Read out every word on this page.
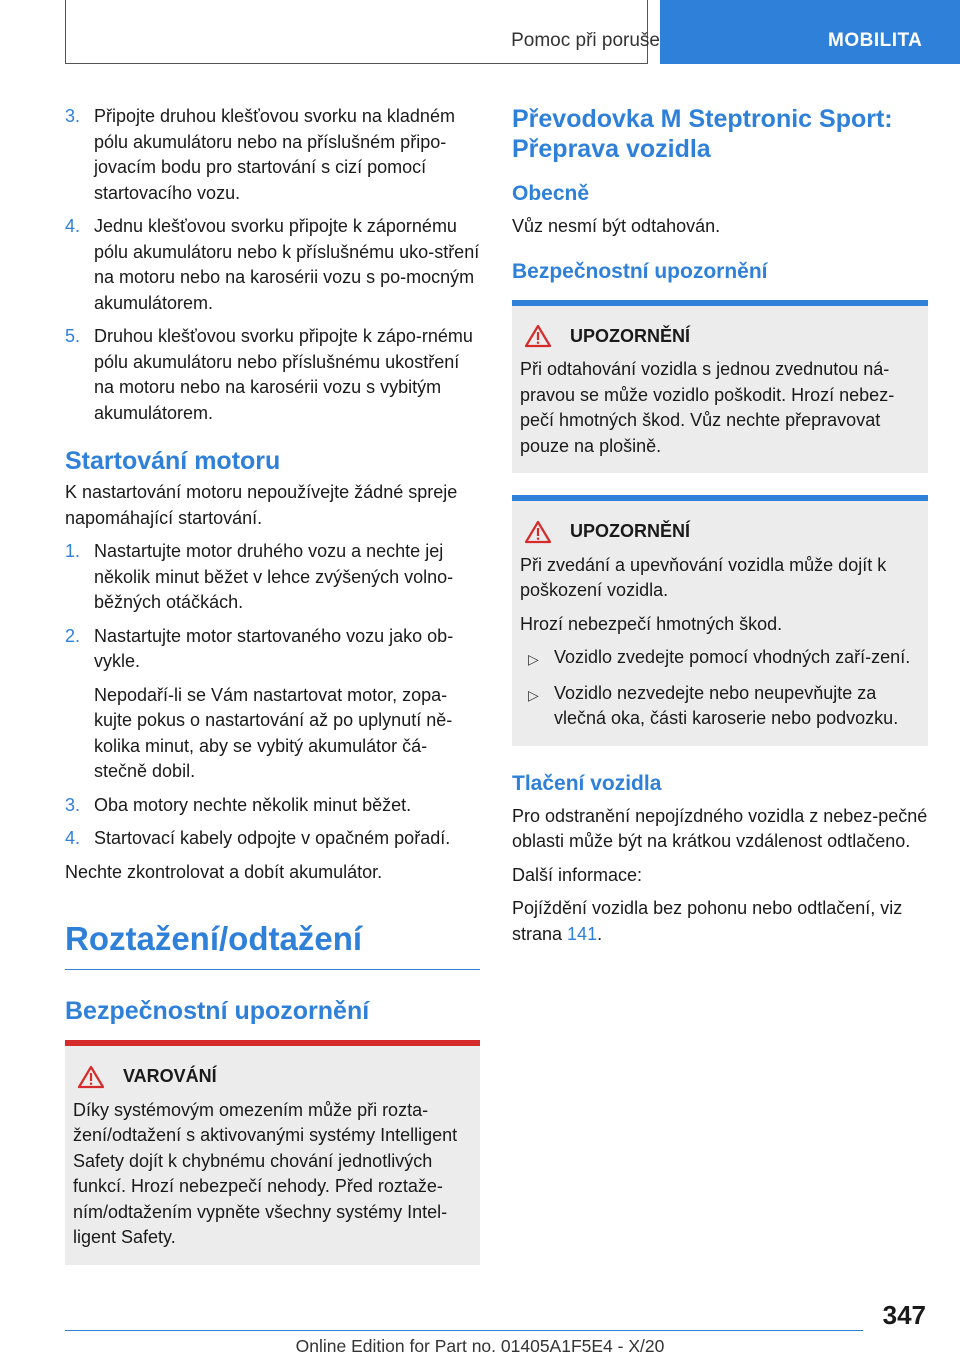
Pomoc při poruše	MOBILITA
3. Připojte druhou klešťovou svorku na kladném pólu akumulátoru nebo na příslušném připo-jovacím bodu pro startování s cizí pomocí startovacího vozu.
4. Jednu klešťovou svorku připojte k zápornému pólu akumulátoru nebo k příslušnému uko-stření na motoru nebo na karosérii vozu s po-mocným akumulátorem.
5. Druhou klešťovou svorku připojte k zápo-rnému pólu akumulátoru nebo příslušnému ukostření na motoru nebo na karosérii vozu s vybitým akumulátorem.
Startování motoru

K nastartování motoru nepoužívejte žádné spreje napomáhající startování.

1. Nastartujte motor druhého vozu a nechte jej několik minut běžet v lehce zvýšených volno-běžných otáčkách.
2. Nastartujte motor startovaného vozu jako ob-vykle.
Nepodaří-li se Vám nastartovat motor, zopa-kujte pokus o nastartování až po uplynutí ně-kolika minut, aby se vybitý akumulátor čá-stečně dobil.
3. Oba motory nechte několik minut běžet.
4. Startovací kabely odpojte v opačném pořadí.

Nechte zkontrolovat a dobít akumulátor.

Roztažení/odtažení
Bezpečnostní upozornění
VAROVÁNÍ

Díky systémovým omezením může při rozta-žení/odtažení s aktivovanými systémy Intelligent Safety dojít k chybnému chování jednotlivých funkcí. Hrozí nebezpečí nehody. Před roztaže-ním/odtažením vypněte všechny systémy Intel-ligent Safety.

Převodovka M Steptronic Sport: Přeprava vozidla
Obecně

Vůz nesmí být odtahován.

Bezpečnostní upozornění
UPOZORNĚNÍ

Při odtahování vozidla s jednou zvednutou ná-pravou se může vozidlo poškodit. Hrozí nebez-pečí hmotných škod. Vůz nechte přepravovat pouze na plošině.

UPOZORNĚNÍ

Při zvedání a upevňování vozidla může dojít k poškození vozidla.

Hrozí nebezpečí hmotných škod.

▷ Vozidlo zvedejte pomocí vhodných zaří-zení.
▷ Vozidlo nezvedejte nebo neupevňujte za vlečná oka, části karoserie nebo podvozku.
Tlačení vozidla

Pro odstranění nepojízdného vozidla z nebez-pečné oblasti může být na krátkou vzdálenost odtlačeno.

Další informace:

Pojíždění vozidla bez pohonu nebo odtlačení, viz strana 141.

347
Online Edition for Part no. 01405A1F5E4 - X/20
